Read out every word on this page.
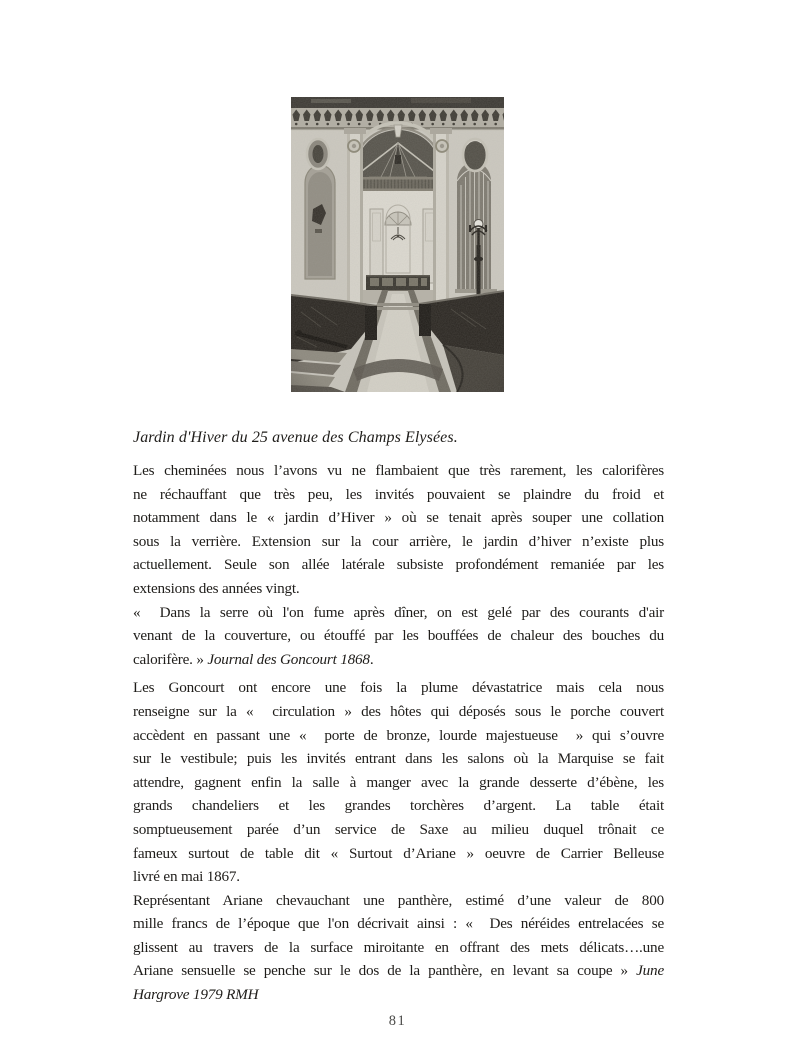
Jardin d'Hiver du 25 avenue des Champs Elysées.
Les cheminées nous l’avons vu ne flambaient que très rarement, les calorifères
ne réchauffant que très peu, les invités pouvaient se plaindre du froid et
notamment dans le « jardin d’Hiver » où se tenait après souper une collation
sous la verrière. Extension sur la cour arrière, le jardin d’hiver n’existe plus
actuellement. Seule son allée latérale subsiste profondément remaniée par les
extensions des années vingt.
«  Dans la serre où l'on fume après dîner, on est gelé par des courants d'air
venant de la couverture, ou étouffé par les bouffées de chaleur des bouches du
calorifère. » Journal des Goncourt 1868.
Les Goncourt ont encore une fois la plume dévastatrice mais cela nous
renseigne sur la «  circulation » des hôtes qui déposés sous le porche couvert
accèdent en passant une «  porte de bronze, lourde majestueuse  » qui s’ouvre
sur le vestibule; puis les invités entrant dans les salons où la Marquise se fait
attendre, gagnent enfin la salle à manger avec la grande desserte d’ébène, les
grands chandeliers et les grandes torchères d’argent. La table était
somptueusement parée d’un service de Saxe au milieu duquel trônait ce
fameux surtout de table dit « Surtout d’Ariane » oeuvre de Carrier Belleuse
livré en mai 1867.
Représentant Ariane chevauchant une panthère, estimé d’une valeur de 800
mille francs de l’époque que l'on décrivait ainsi : «  Des néréides entrelacées se
glissent au travers de la surface miroitante en offrant des mets délicats….une
Ariane sensuelle se penche sur le dos de la panthère, en levant sa coupe » June
Hargrove 1979 RMH
81
